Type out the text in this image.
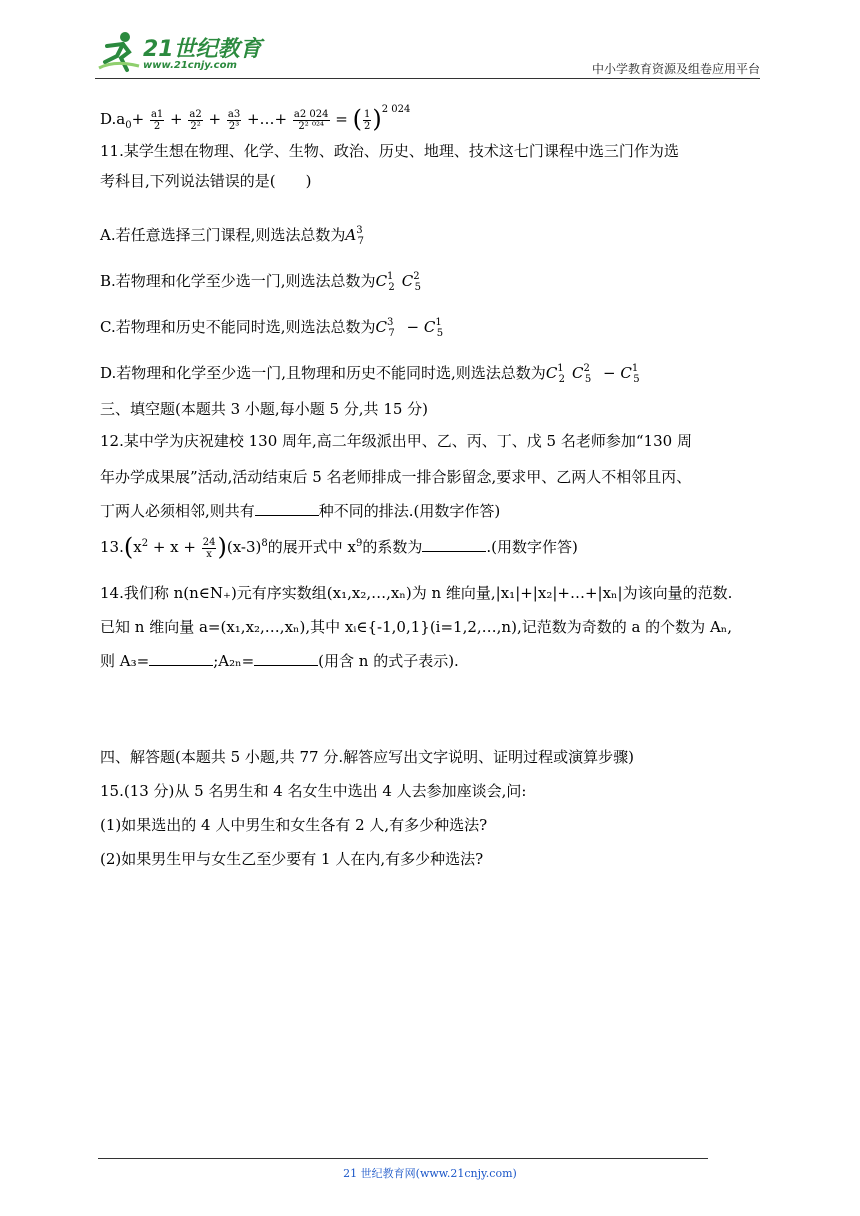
21世纪教育
www.21cnjy.com	中小学教育资源及组卷应用平台
$D.a_0+ \frac{a1}{2} + \frac{a2}{\text{2²}} + \frac{a3}{\text{2³}}$ +…+ $\frac{a2 024}{\text{2² ⁰²⁴}}$ = ( $\frac{1}{2} )^{2 024}$
11.某学生想在物理、化学、生物、政治、历史、地理、技术这七门课程中选三门作为选
考科目,下列说法错误的是(　　)
A.若任意选择三门课程,则选法总数为$A^3_7$
B.若物理和化学至少选一门,则选法总数为$C^1_2$ $C^2_5$
C.若物理和历史不能同时选,则选法总数为$C^3_7 - C^1_5$
D.若物理和化学至少选一门,且物理和历史不能同时选,则选法总数为$C^1_2$ $C^2_5 - C^1_5$
三、填空题(本题共 3 小题,每小题 5 分,共 15 分)
12.某中学为庆祝建校 130 周年,高二年级派出甲、乙、丙、丁、戊 5 名老师参加“130 周
年办学成果展”活动,活动结束后 5 名老师排成一排合影留念,要求甲、乙两人不相邻且丙、
丁两人必须相邻,则共有	种不同的排法.(用数字作答)
$13.(x^2 + x + \frac{24}{x} )(x-3)^8$的展开式中 $x^9$的系数为	.(用数字作答)
14.我们称 n(n∈N₊)元有序实数组(x₁,x₂,…,xₙ)为 n 维向量,|x₁|+|x₂|+…+|xₙ|为该向量的范数.
已知 n 维向量 a=(x₁,x₂,…,xₙ),其中 xᵢ∈{-1,0,1}(i=1,2,…,n),记范数为奇数的 a 的个数为 Aₙ,
则 A₃=	;A₂ₙ=	(用含 n 的式子表示).
四、解答题(本题共 5 小题,共 77 分.解答应写出文字说明、证明过程或演算步骤)
15.(13 分)从 5 名男生和 4 名女生中选出 4 人去参加座谈会,问:
(1)如果选出的 4 人中男生和女生各有 2 人,有多少种选法?
(2)如果男生甲与女生乙至少要有 1 人在内,有多少种选法?
21 世纪教育网(www.21cnjy.com)
